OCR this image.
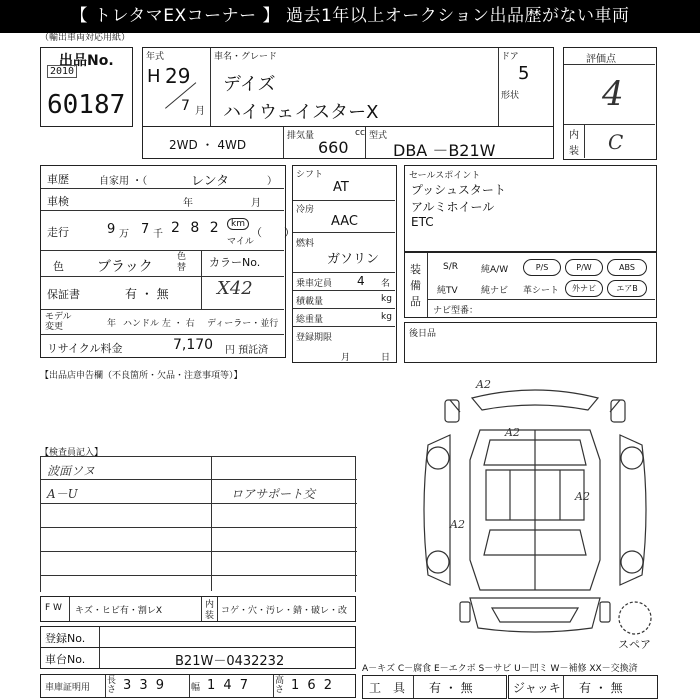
【 トレタマEXコーナー 】 過去1年以上オークション出品歴がない車両
（輸出車両対応用紙）
出品No.
2010
60187
年式
H 29
7 月
車名・グレード
デイズ
ハイウェイスターX
ドア
5
形状
評価点
4
内
装 C
2WD ・ 4WD
排気量	cc
660
型式
DBA －B21W
車歴	自家用 ・（	レンタ	）
車検	年	月
走行	9 万 7 千 2 8 2	km
マイル
（　　）
色 ブラック
色替	カラーNo.
保証書	有 ・ 無	X42
モデル変更	年 ハンドル 左 ・ 右 ディーラー・並行
リサイクル料金	7,170 円 預託済
シフト
AT
冷房
AAC
燃料
ガソリン
乗車定員 4 名
積載量	kg
総重量	kg
登録期限
月	日
セールスポイント
プッシュスタート
アルミホイール
ETC
装
備
品
S/R	純A/W	P/S	P/W	ABS
純TV	純ナビ 革シート	外ナビ	エアB
ナビ型番：
後日品
【出品店申告欄（不良箇所・欠品・注意事項等）】
【検査員記入】
波面ソヌ
A－U	ロアサポート交
F W キズ・ヒビ有・割レX
内
装 コゲ・穴・汚レ・錆・破レ・改
登録No.
車台No.	B21W－0432232
車庫証明用
長さ 3 3 9	幅 1 4 7	高さ 1 6 2
A2
A2
A2
A2
スペア
A－キズ C－腐食 E－エクボ S－サビ U－凹ミ W－補修 XX－交換済
工　具 有 ・ 無	ジャッキ 有 ・ 無
